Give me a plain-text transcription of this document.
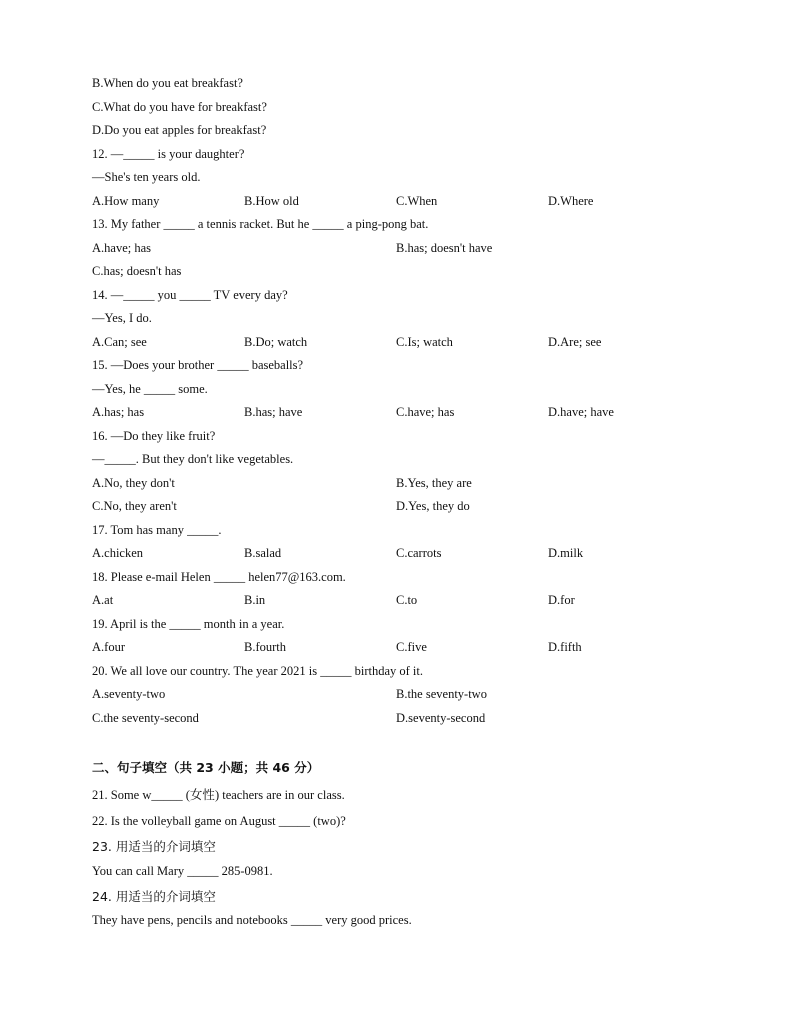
B.When do you eat breakfast?
C.What do you have for breakfast?
D.Do you eat apples for breakfast?
12. —_____ is your daughter?
—She's ten years old.
A.How many	B.How old	C.When	D.Where
13. My father _____ a tennis racket. But he _____ a ping-pong bat.
A.have; has	B.has; doesn't have
C.has; doesn't has
14. —_____ you _____ TV every day?
—Yes, I do.
A.Can; see	B.Do; watch	C.Is; watch	D.Are; see
15. —Does your brother _____ baseballs?
—Yes, he _____ some.
A.has; has	B.has; have	C.have; has	D.have; have
16. —Do they like fruit?
—_____. But they don't like vegetables.
A.No, they don't	B.Yes, they are
C.No, they aren't	D.Yes, they do
17. Tom has many _____.
A.chicken	B.salad	C.carrots	D.milk
18. Please e-mail Helen _____ helen77@163.com.
A.at	B.in	C.to	D.for
19. April is the _____ month in a year.
A.four	B.fourth	C.five	D.fifth
20. We all love our country. The year 2021 is _____ birthday of it.
A.seventy-two	B.the seventy-two
C.the seventy-second	D.seventy-second
二、句子填空（共 23 小题；共 46 分）
21. Some w_____ (女性) teachers are in our class.
22. Is the volleyball game on August _____ (two)?
23. 用适当的介词填空
You can call Mary _____ 285-0981.
24. 用适当的介词填空
They have pens, pencils and notebooks _____ very good prices.
